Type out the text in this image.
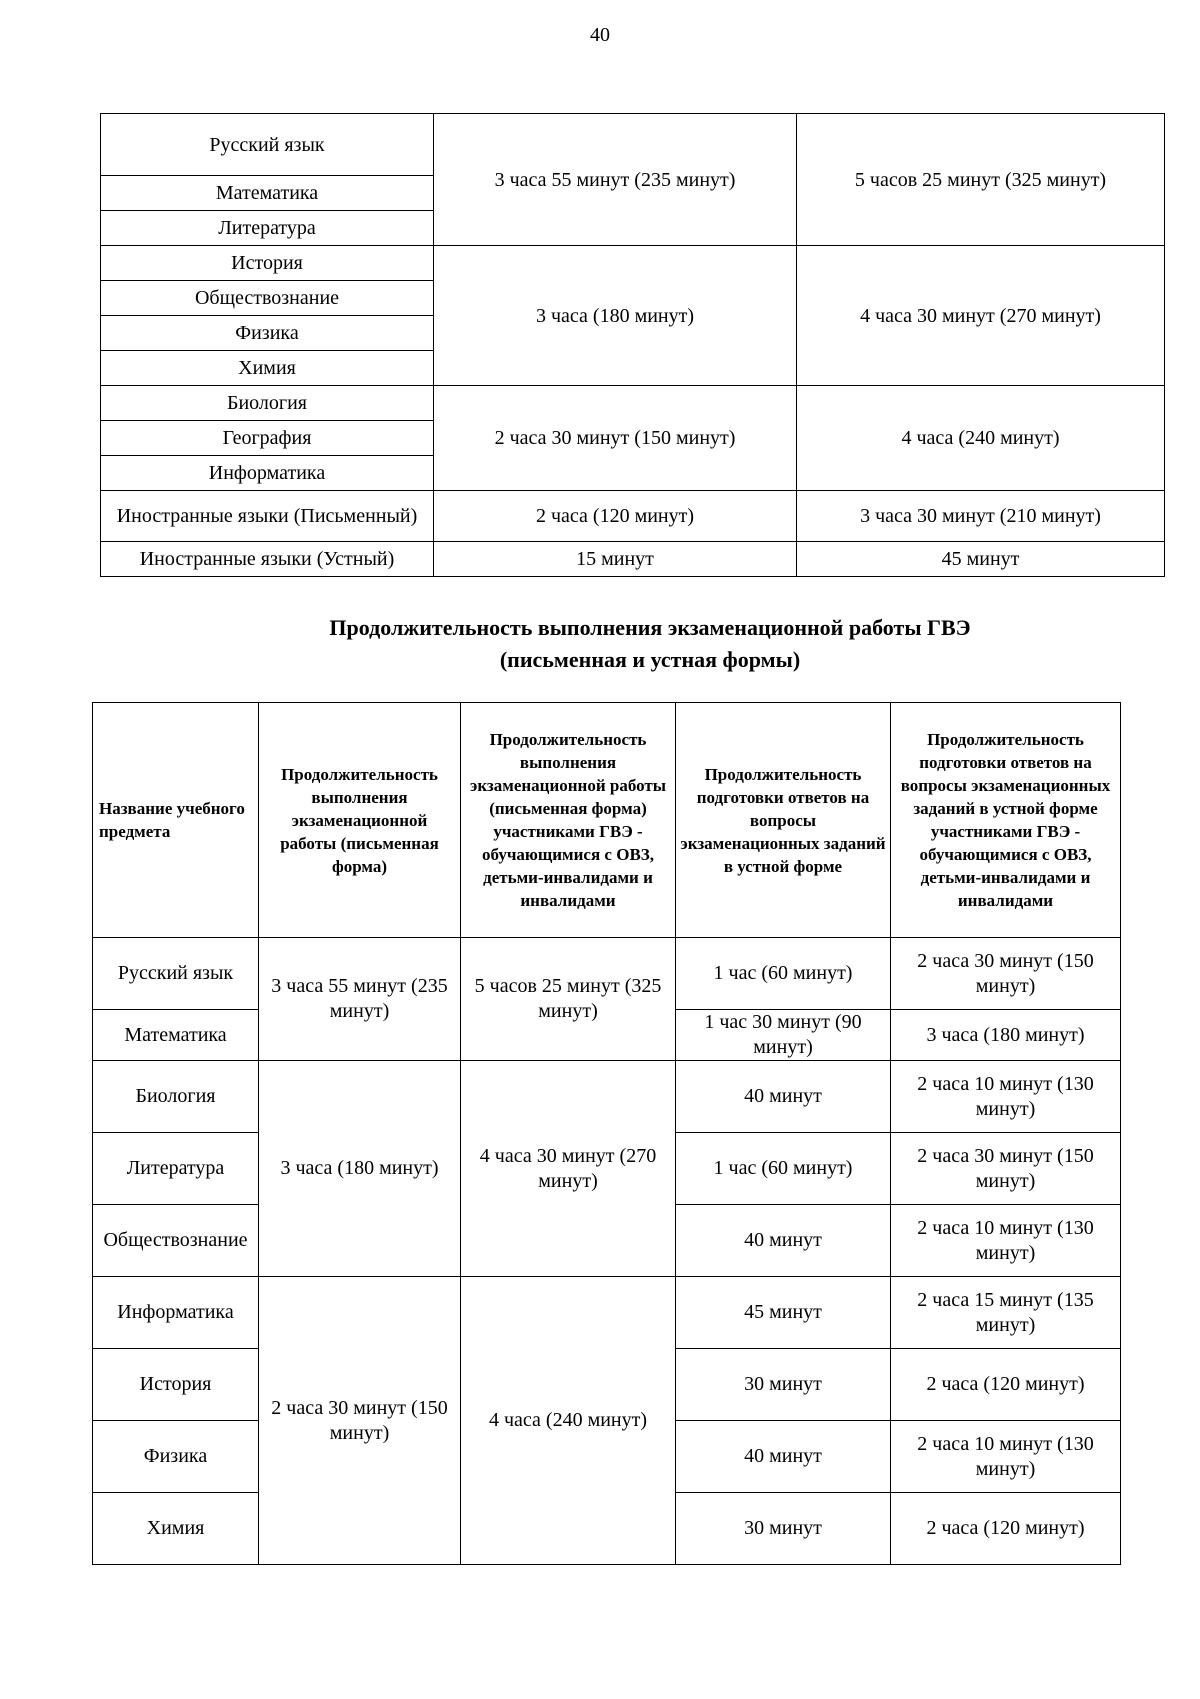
40
Русский язык	3 часа 55 минут (235 минут)	5 часов 25 минут (325 минут)
Математика		
Литература		
История	3 часа (180 минут)	4 часа 30 минут (270 минут)
Обществознание		
Физика		
Химия		
Биология	2 часа 30 минут (150 минут)	4 часа (240 минут)
География		
Информатика		
Иностранные языки (Письменный)	2 часа (120 минут)	3 часа 30 минут (210 минут)
Иностранные языки (Устный)	15 минут	45 минут
Продолжительность выполнения экзаменационной работы ГВЭ
(письменная и устная формы)
Название учебного предмета	Продолжительность выполнения экзаменационной работы (письменная форма)	Продолжительность выполнения экзаменационной работы (письменная форма) участниками ГВЭ - обучающимися с ОВЗ, детьми-инвалидами и инвалидами	Продолжительность подготовки ответов на вопросы экзаменационных заданий в устной форме	Продолжительность подготовки ответов на вопросы экзаменационных заданий в устной форме участниками ГВЭ - обучающимися с ОВЗ, детьми-инвалидами и инвалидами
Русский язык	3 часа 55 минут (235 минут)	5 часов 25 минут (325 минут)	1 час (60 минут)	2 часа 30 минут (150 минут)
Математика			1 час 30 минут (90 минут)	3 часа (180 минут)
Биология	3 часа (180 минут)	4 часа 30 минут (270 минут)	40 минут	2 часа 10 минут (130 минут)
Литература			1 час (60 минут)	2 часа 30 минут (150 минут)
Обществознание			40 минут	2 часа 10 минут (130 минут)
Информатика	2 часа 30 минут (150 минут)	4 часа (240 минут)	45 минут	2 часа 15 минут (135 минут)
История			30 минут	2 часа (120 минут)
Физика			40 минут	2 часа 10 минут (130 минут)
Химия			30 минут	2 часа (120 минут)
